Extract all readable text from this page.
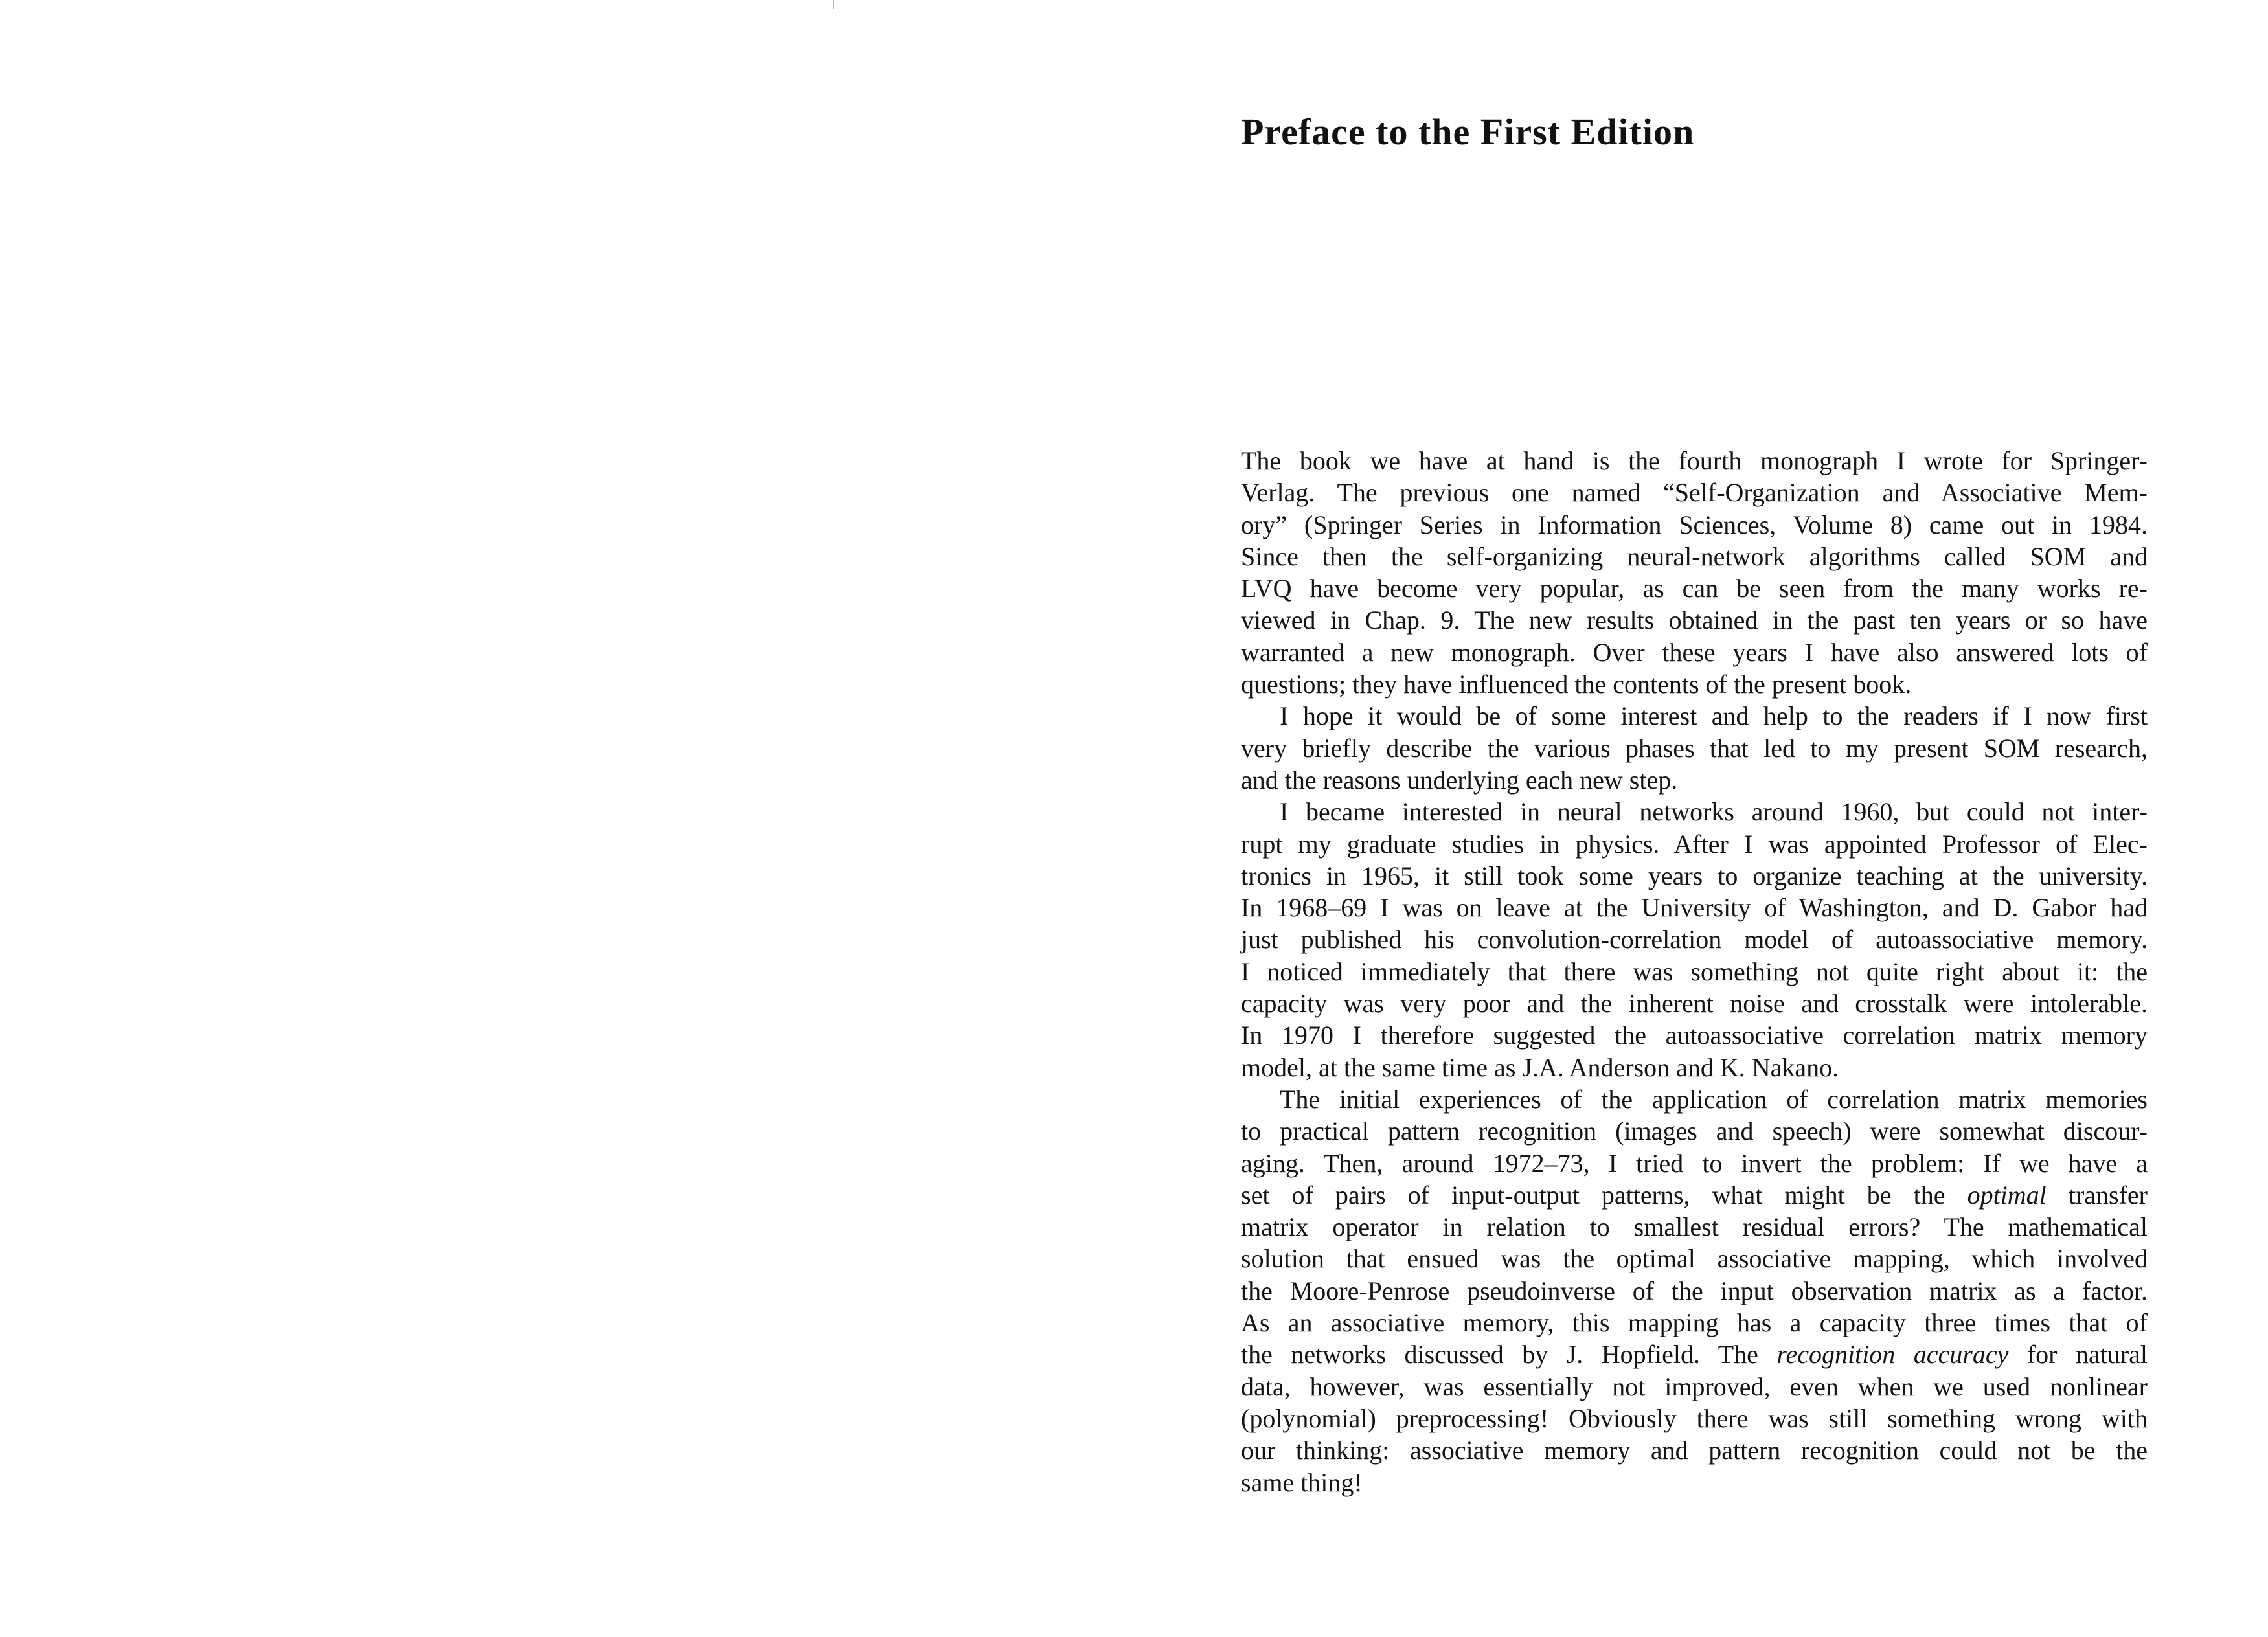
Preface to the First Edition
The book we have at hand is the fourth monograph I wrote for Springer-
Verlag. The previous one named “Self-Organization and Associative Mem-
ory” (Springer Series in Information Sciences, Volume 8) came out in 1984.
Since then the self-organizing neural-network algorithms called SOM and
LVQ have become very popular, as can be seen from the many works re-
viewed in Chap. 9. The new results obtained in the past ten years or so have
warranted a new monograph. Over these years I have also answered lots of
questions; they have influenced the contents of the present book.
I hope it would be of some interest and help to the readers if I now first
very briefly describe the various phases that led to my present SOM research,
and the reasons underlying each new step.
I became interested in neural networks around 1960, but could not inter-
rupt my graduate studies in physics. After I was appointed Professor of Elec-
tronics in 1965, it still took some years to organize teaching at the university.
In 1968–69 I was on leave at the University of Washington, and D. Gabor had
just published his convolution-correlation model of autoassociative memory.
I noticed immediately that there was something not quite right about it: the
capacity was very poor and the inherent noise and crosstalk were intolerable.
In 1970 I therefore suggested the autoassociative correlation matrix memory
model, at the same time as J.A. Anderson and K. Nakano.
The initial experiences of the application of correlation matrix memories
to practical pattern recognition (images and speech) were somewhat discour-
aging. Then, around 1972–73, I tried to invert the problem: If we have a
set of pairs of input-output patterns, what might be the optimal transfer
matrix operator in relation to smallest residual errors? The mathematical
solution that ensued was the optimal associative mapping, which involved
the Moore-Penrose pseudoinverse of the input observation matrix as a factor.
As an associative memory, this mapping has a capacity three times that of
the networks discussed by J. Hopfield. The recognition accuracy for natural
data, however, was essentially not improved, even when we used nonlinear
(polynomial) preprocessing! Obviously there was still something wrong with
our thinking: associative memory and pattern recognition could not be the
same thing!
